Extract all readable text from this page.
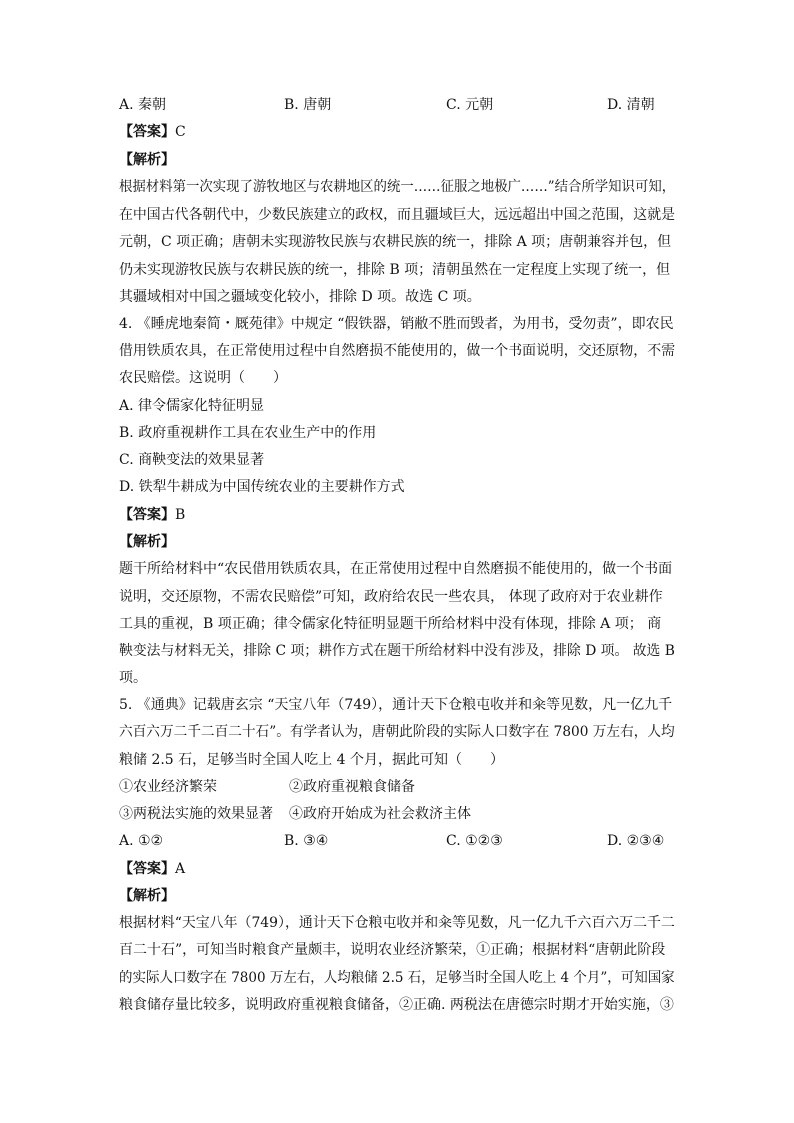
A. 秦朝	B. 唐朝	C. 元朝	D. 清朝
【答案】C
【解析】
根据材料第一次实现了游牧地区与农耕地区的统一……征服之地极广……”结合所学知识可知，
在中国古代各朝代中，少数民族建立的政权，而且疆域巨大，远远超出中国之范围，这就是
元朝，C 项正确；唐朝未实现游牧民族与农耕民族的统一，排除 A 项；唐朝兼容并包，但
仍未实现游牧民族与农耕民族的统一，排除 B 项；清朝虽然在一定程度上实现了统一，但
其疆域相对中国之疆域变化较小，排除 D 项。故选 C 项。
4. 《睡虎地秦简・厩苑律》中规定 “假铁器，销敝不胜而毁者，为用书，受勿责”，即农民
借用铁质农具，在正常使用过程中自然磨损不能使用的，做一个书面说明，交还原物，不需
农民赔偿。这说明（　　）
A. 律令儒家化特征明显
B. 政府重视耕作工具在农业生产中的作用
C. 商鞅变法的效果显著
D. 铁犁牛耕成为中国传统农业的主要耕作方式
【答案】B
【解析】
题干所给材料中“农民借用铁质农具，在正常使用过程中自然磨损不能使用的，做一个书面
说明，交还原物，不需农民赔偿”可知，政府给农民一些农具， 体现了政府对于农业耕作
工具的重视，B 项正确；律令儒家化特征明显题干所给材料中没有体现，排除 A 项； 商
鞅变法与材料无关，排除 C 项；耕作方式在题干所给材料中没有涉及，排除 D 项。 故选 B
项。
5. 《通典》记载唐玄宗 “天宝八年（749），通计天下仓粮屯收并和籴等见数，凡一亿九千
六百六万二千二百二十石”。有学者认为，唐朝此阶段的实际人口数字在 7800 万左右，人均
粮储 2.5 石，足够当时全国人吃上 4 个月，据此可知（　　）
①农业经济繁荣	②政府重视粮食储备
③两税法实施的效果显著 ④政府开始成为社会救济主体
A. ①②	B. ③④	C. ①②③	D. ②③④
【答案】A
【解析】
根据材料“天宝八年（749），通计天下仓粮屯收并和籴等见数，凡一亿九千六百六万二千二
百二十石”，可知当时粮食产量颇丰，说明农业经济繁荣，①正确；根据材料“唐朝此阶段
的实际人口数字在 7800 万左右，人均粮储 2.5 石，足够当时全国人吃上 4 个月”，可知国家
粮食储存量比较多，说明政府重视粮食储备，②正确. 两税法在唐德宗时期才开始实施，③
